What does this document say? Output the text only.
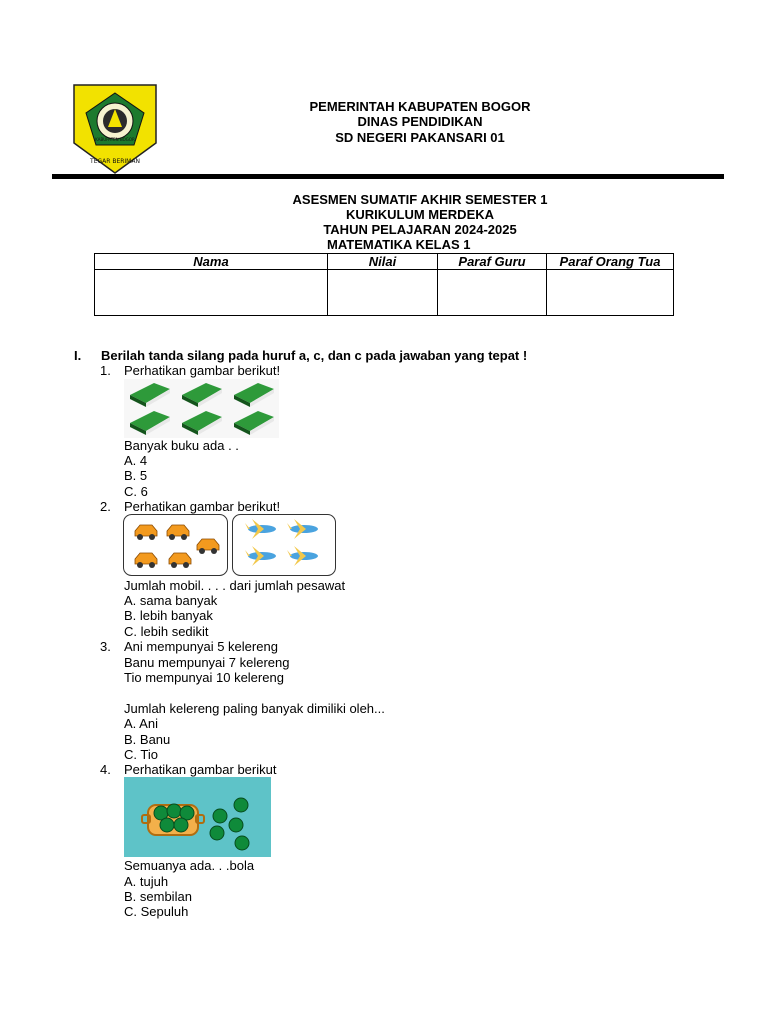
KABUPATEN BOGOR
TEGAR BERIMAN
PEMERINTAH KABUPATEN BOGOR
DINAS PENDIDIKAN
SD NEGERI PAKANSARI 01
ASESMEN SUMATIF AKHIR SEMESTER 1
KURIKULUM MERDEKA
TAHUN PELAJARAN 2024-2025
MATEMATIKA KELAS 1
Nama	Nilai	Paraf Guru	Paraf Orang Tua

I. Berilah tanda silang pada huruf a, c, dan c pada jawaban yang tepat !
1. Perhatikan gambar berikut!
Banyak buku ada . .
A. 4
B. 5
C. 6
2. Perhatikan gambar berikut!
Jumlah mobil. . . . dari jumlah pesawat
A. sama banyak
B. lebih banyak
C. lebih sedikit
3. Ani mempunyai 5 kelereng
Banu mempunyai 7 kelereng
Tio mempunyai 10 kelereng
Jumlah kelereng paling banyak dimiliki oleh...
A. Ani
B. Banu
C. Tio
4. Perhatikan gambar berikut
Semuanya ada. . .bola
A. tujuh
B. sembilan
C. Sepuluh
